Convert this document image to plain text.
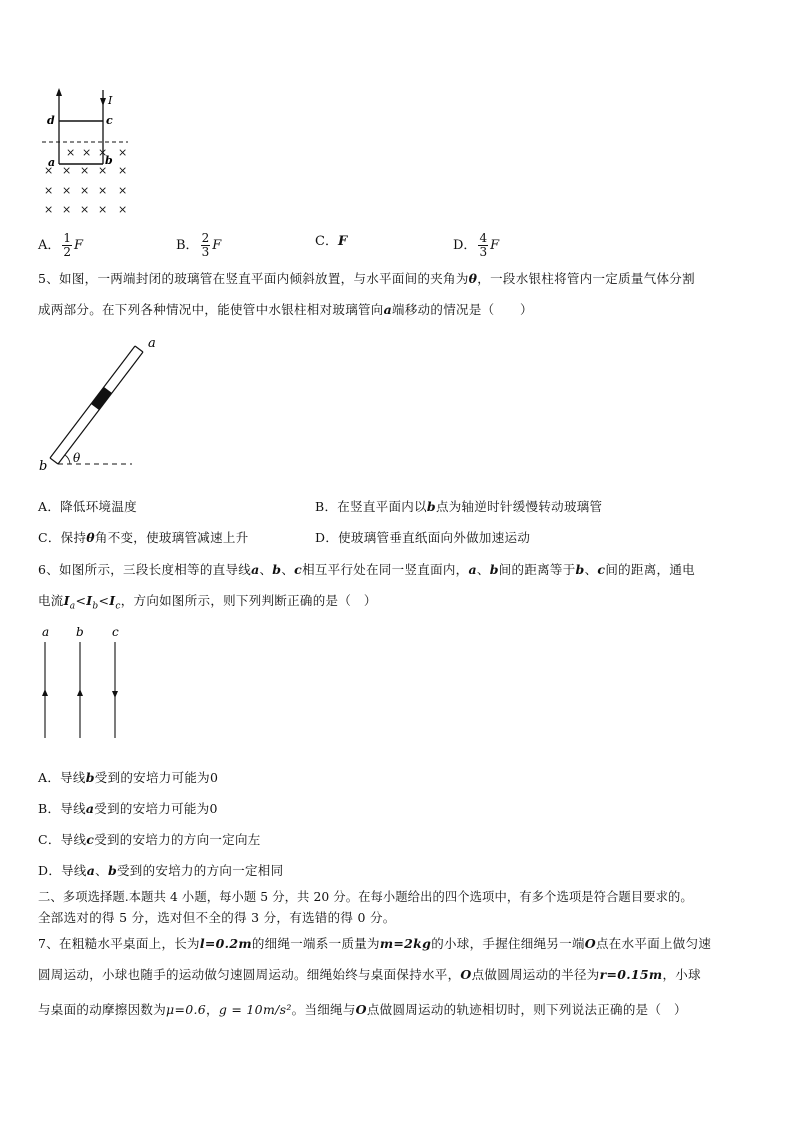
I
d	c
a	b
× × × ×
× × × × ×
× × × × ×
× × × × ×
A． $\frac{1}{2}$ F	B． $\frac{2}{3}$ F	C．F	D． $\frac{4}{3}$ F
5、如图，一两端封闭的玻璃管在竖直平面内倾斜放置，与水平面间的夹角为θ，一段水银柱将管内一定质量气体分割
成两部分。在下列各种情况中，能使管中水银柱相对玻璃管向a端移动的情况是（　　）
a
b
θ
A．降低环境温度	B．在竖直平面内以b点为轴逆时针缓慢转动玻璃管
C．保持θ角不变，使玻璃管减速上升	D．使玻璃管垂直纸面向外做加速运动
6、如图所示，三段长度相等的直导线a、b、c相互平行处在同一竖直面内，a、b间的距离等于b、c间的距离，通电
电流$I_a<I_b<I_c$，方向如图所示，则下列判断正确的是（　）
a b c
A．导线b受到的安培力可能为0
B．导线a受到的安培力可能为0
C．导线c受到的安培力的方向一定向左
D．导线a、b受到的安培力的方向一定相同
二、多项选择题.本题共 4 小题，每小题 5 分，共 20 分。在每小题给出的四个选项中，有多个选项是符合题目要求的。
全部选对的得 5 分，选对但不全的得 3 分，有选错的得 0 分。
7、在粗糙水平桌面上，长为l=0.2m的细绳一端系一质量为m=2kg的小球，手握住细绳另一端O点在水平面上做匀速
圆周运动，小球也随手的运动做匀速圆周运动。细绳始终与桌面保持水平，O点做圆周运动的半径为r=0.15m，小球
与桌面的动摩擦因数为μ=0.6，g = 10m/s²。当细绳与O点做圆周运动的轨迹相切时，则下列说法正确的是（　）
